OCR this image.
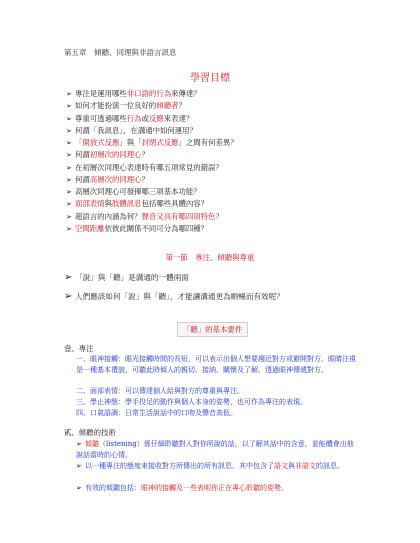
第五章　傾聽、同理與非語言訊息
學習目標
➢ 專注是運用哪些非口語的行為來傳達？
➢ 如何才能扮演一位良好的傾聽者？
➢ 尊重可透過哪些行為或反應來表達？
➢ 何謂「我訊息」，在溝通中如何運用？
➢ 「開放式反應」與「封閉式反應」之間有何差異？
➢ 何謂初層次的同理心？
➢ 在初層次同理心表達時有哪五項常見的錯誤？
➢ 何謂高層次的同理心？
➢ 高層次同理心可發揮哪三項基本功能？
➢ 面部表情與肢體訊息包括哪些具體內容？
➢ 超語言的內涵為何？聲音又具有哪四項特色？
➢ 空間距離依彼此關係不同可分為哪四種？
第一節　專注、傾聽與尊重
➢ 「說」與「聽」是溝通的一體兩面
➢ 人們應該如何「說」與「聽」，才能讓溝通更為順暢而有效呢？
「聽」的基本要件
壹、專注
一、眼神接觸：眼光接觸時間的長短，可以表示出個人想要趨近對方或避開對方。眼睛注視是一種基本禮貌，可聽此時傾人的親切、接納、關懷及了解，透過眼神傳遞對方。
二、面部表情：可以傳達個人給與對方的尊重與專注。
三、學止神態：學手投足的動作與個人本身的姿勢，也可作為專注的表現。
四、口氣語調：日常生活說話中的口吻及聲音高低。
貳、傾聽的技術
➢ 傾聽（listening）係仔細聆聽對人對你所說的話，以了解其話中的含意，並能體會出他說話當時的心情。
➢ 以一種專注的態度來接收對方所傳出的所有訊息，其中包含了語文與非語文的訊息。
➢ 有效的傾聽包括：眼神的接觸及一些表明你正在專心聆聽的姿勢。
